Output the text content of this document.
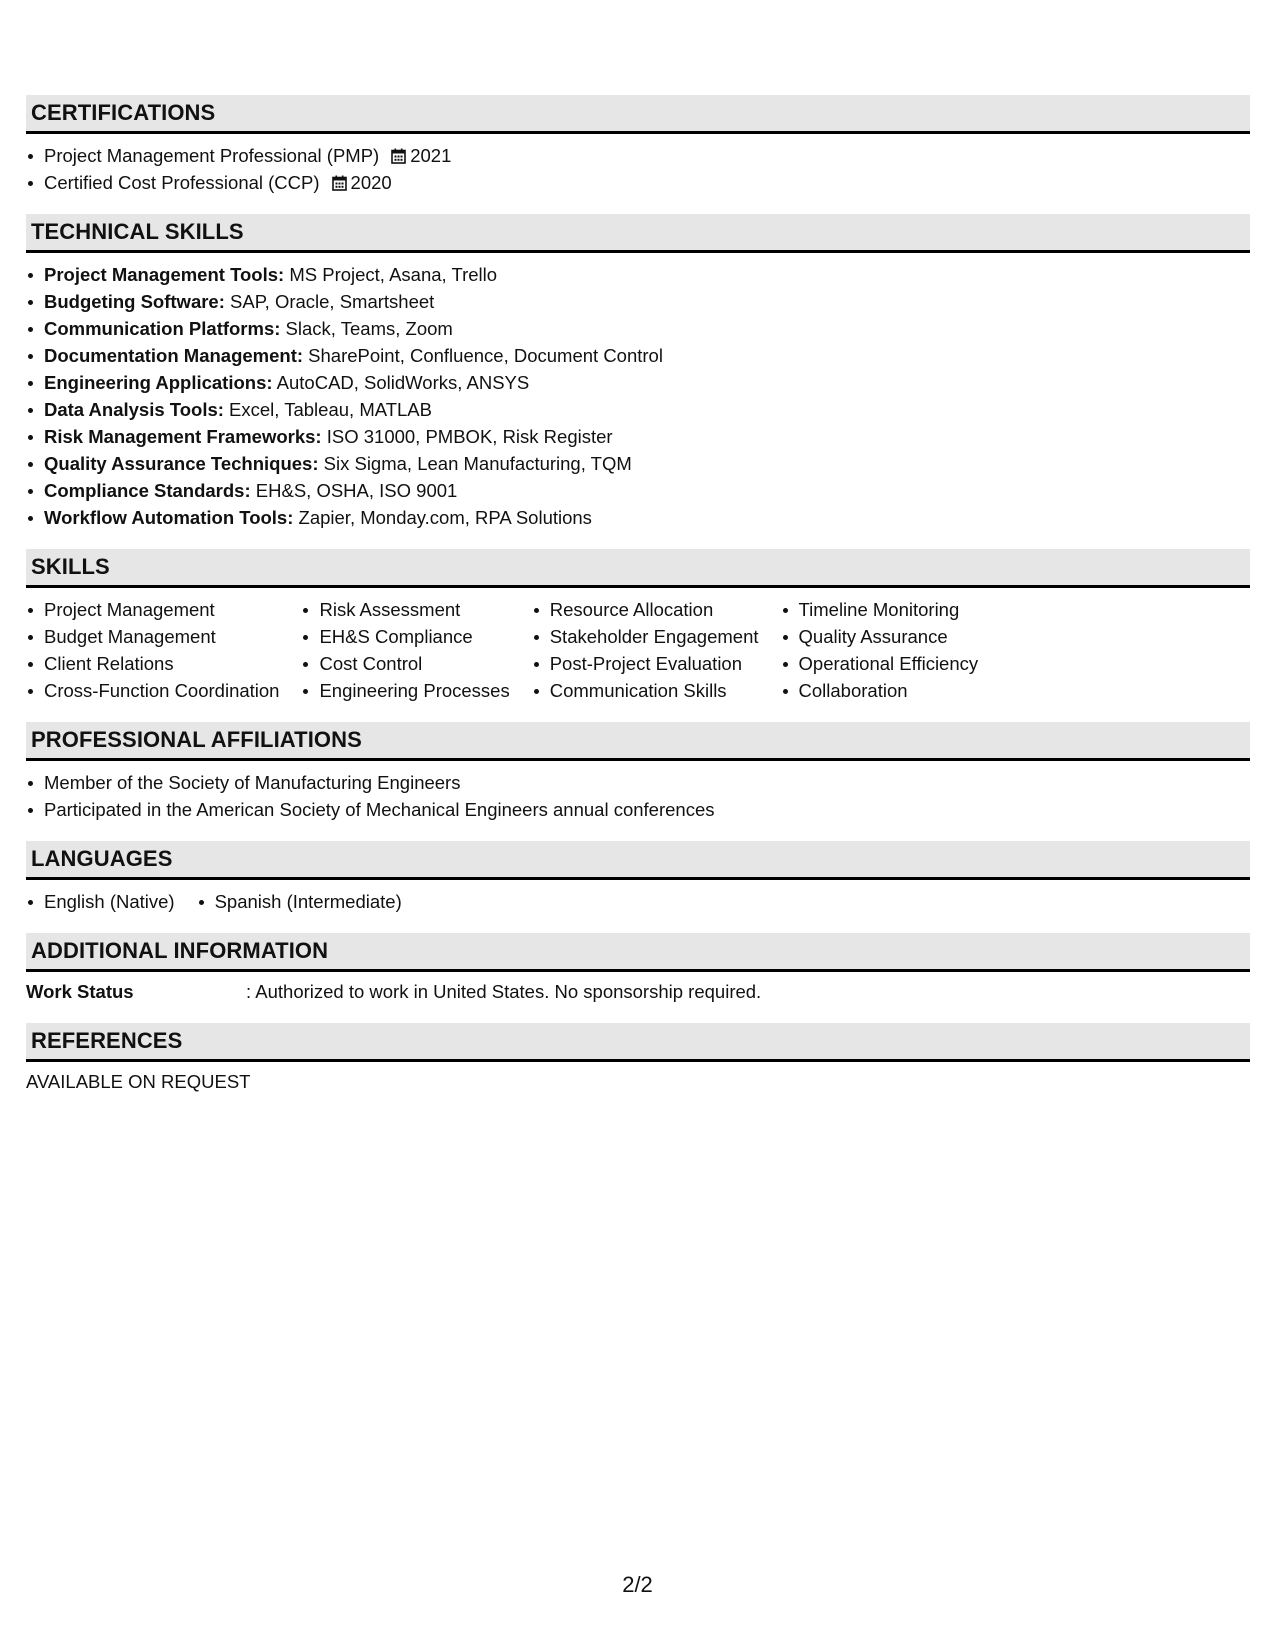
CERTIFICATIONS
Project Management Professional (PMP) 2021
Certified Cost Professional (CCP) 2020
TECHNICAL SKILLS
Project Management Tools: MS Project, Asana, Trello
Budgeting Software: SAP, Oracle, Smartsheet
Communication Platforms: Slack, Teams, Zoom
Documentation Management: SharePoint, Confluence, Document Control
Engineering Applications: AutoCAD, SolidWorks, ANSYS
Data Analysis Tools: Excel, Tableau, MATLAB
Risk Management Frameworks: ISO 31000, PMBOK, Risk Register
Quality Assurance Techniques: Six Sigma, Lean Manufacturing, TQM
Compliance Standards: EH&S, OSHA, ISO 9001
Workflow Automation Tools: Zapier, Monday.com, RPA Solutions
SKILLS
Project Management
Budget Management
Client Relations
Cross-Function Coordination
Risk Assessment
EH&S Compliance
Cost Control
Engineering Processes
Resource Allocation
Stakeholder Engagement
Post-Project Evaluation
Communication Skills
Timeline Monitoring
Quality Assurance
Operational Efficiency
Collaboration
PROFESSIONAL AFFILIATIONS
Member of the Society of Manufacturing Engineers
Participated in the American Society of Mechanical Engineers annual conferences
LANGUAGES
English (Native)	Spanish (Intermediate)
ADDITIONAL INFORMATION
Work Status	: Authorized to work in United States. No sponsorship required.
REFERENCES
AVAILABLE ON REQUEST
2/2
